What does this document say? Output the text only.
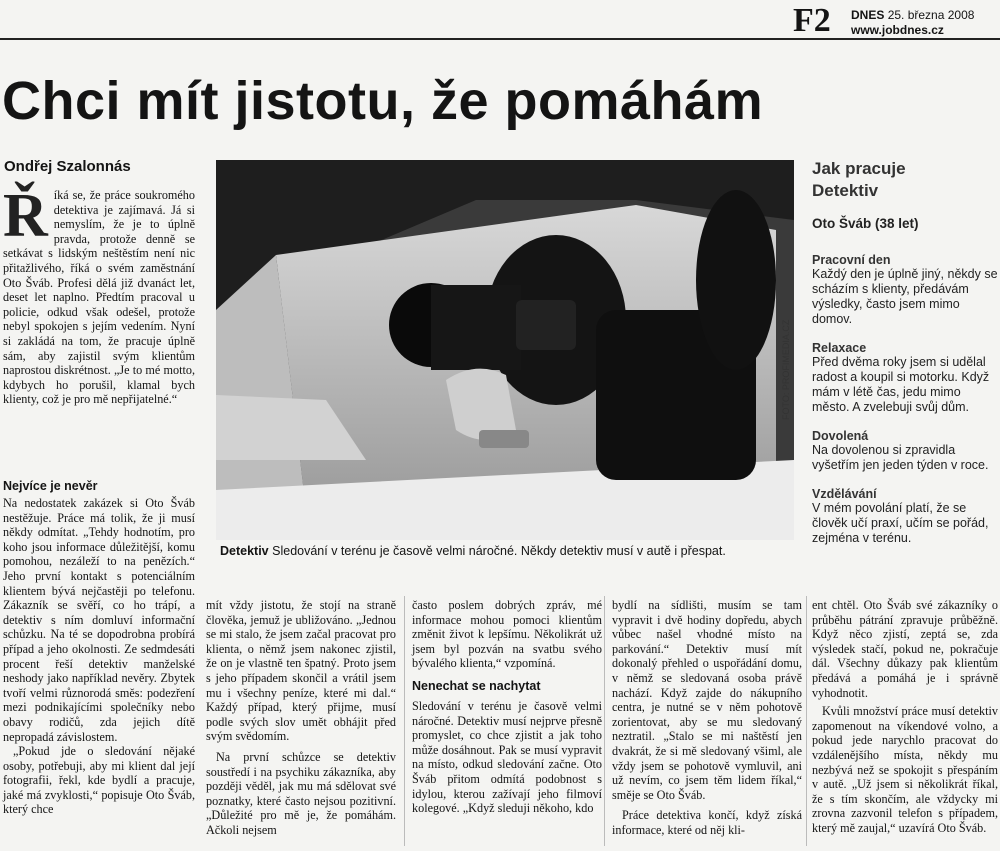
F2 DNES 25. března 2008
www.jobdnes.cz
Chci mít jistotu, že pomáhám
Ondřej Szalonnás
Ř íká se, že práce soukromého detektiva je zajímavá. Já si nemyslím, že je to úplně pravda, protože denně se setkávat s lidským neštěstím není nic přitažlivého, říká o svém zaměstnání Oto Šváb. Profesi dělá již dvanáct let, deset let naplno. Předtím pracoval u policie, odkud však odešel, protože nebyl spokojen s jejím vedením. Nyní si zakládá na tom, že pracuje úplně sám, aby zajistil svým klientům naprostou diskrétnost. „Je to mé motto, kdybych ho porušil, klamal bych klienty, což je pro mě nepřijatelné.“

Nejvíce je nevěr

Na nedostatek zakázek si Oto Šváb nestěžuje. Práce má tolik, že ji musí někdy odmítat. „Tehdy hodnotím, pro koho jsou informace důležitější, komu pomohou, nezáleží to na penězích.“ Jeho první kontakt s potenciálním klientem bývá nejčastěji po telefonu. Zákazník se svěří, co ho trápí, a detektiv s ním domluví informační schůzku. Na té se dopodrobna probírá případ a jeho okolnosti. Ze sedmdesáti procent řeší detektiv manželské neshody jako například nevěry. Zbytek tvoří velmi různorodá směs: podezření mezi podnikajícími společníky nebo obavy rodičů, zda jejich dítě nepropadá závislostem.

„Pokud jde o sledování nějaké osoby, potřebuji, aby mi klient dal její fotografii, řekl, kde bydlí a pracuje, jaké má zvyklosti,“ popisuje Oto Šváb, který chce

FOTO: PROFIMEDIA.CZ
Detektiv Sledování v terénu je časově velmi náročné. Někdy detektiv musí v autě i přespat.
Jak pracuje
Detektiv
Oto Šváb (38 let)
Pracovní den
Každý den je úplně jiný, někdy se scházím s klienty, předávám výsledky, často jsem mimo domov.
Relaxace
Před dvěma roky jsem si udělal radost a koupil si motorku. Když mám v létě čas, jedu mimo město. A zvelebuji svůj dům.
Dovolená
Na dovolenou si zpravidla vyšetřím jen jeden týden v roce.
Vzdělávání
V mém povolání platí, že se člověk učí praxí, učím se pořád, zejména v terénu.

mít vždy jistotu, že stojí na straně člověka, jemuž je ubližováno. „Jednou se mi stalo, že jsem začal pracovat pro klienta, o němž jsem nakonec zjistil, že on je vlastně ten špatný. Proto jsem s jeho případem skončil a vrátil jsem mu i všechny peníze, které mi dal.“ Každý případ, který přijme, musí podle svých slov umět obhájit před svým svědomím.

Na první schůzce se detektiv soustředí i na psychiku zákazníka, aby později věděl, jak mu má sdělovat své poznatky, které často nejsou pozitivní. „Důležité pro mě je, že pomáhám. Ačkoli nejsem

často poslem dobrých zpráv, mé informace mohou pomoci klientům změnit život k lepšímu. Několikrát už jsem byl pozván na svatbu svého bývalého klienta,“ vzpomíná.

Nenechat se nachytat

Sledování v terénu je časově velmi náročné. Detektiv musí nejprve přesně promyslet, co chce zjistit a jak toho může dosáhnout. Pak se musí vypravit na místo, odkud sledování začne. Oto Šváb přitom odmítá podobnost s idylou, kterou zažívají jeho filmoví kolegové. „Když sleduji někoho, kdo

bydlí na sídlišti, musím se tam vypravit i dvě hodiny dopředu, abych vůbec našel vhodné místo na parkování.“ Detektiv musí mít dokonalý přehled o uspořádání domu, v němž se sledovaná osoba právě nachází. Když zajde do nákupního centra, je nutné se v něm pohotově zorientovat, aby se mu sledovaný neztratil. „Stalo se mi naštěstí jen dvakrát, že si mě sledovaný všiml, ale vždy jsem se pohotově vymluvil, ani už nevím, co jsem těm lidem říkal,“ směje se Oto Šváb.

Práce detektiva končí, když získá informace, které od něj kli-

ent chtěl. Oto Šváb své zákazníky o průběhu pátrání zpravuje průběžně. Když něco zjistí, zeptá se, zda výsledek stačí, pokud ne, pokračuje dál. Všechny důkazy pak klientům předává a pomáhá je i správně vyhodnotit.

Kvůli množství práce musí detektiv zapomenout na víkendové volno, a pokud jede narychlo pracovat do vzdálenějšího místa, někdy mu nezbývá než se spokojit s přespáním v autě. „Už jsem si několikrát říkal, že s tím skončím, ale vždycky mi zrovna zazvonil telefon s případem, který mě zaujal,“ uzavírá Oto Šváb.
